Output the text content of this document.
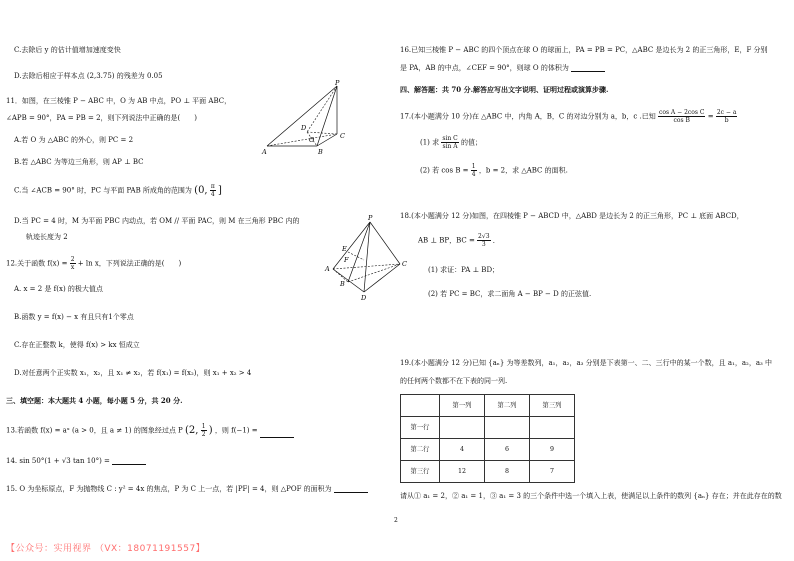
C.去除后 y 的估计值增加速度变快
D.去除后相应于样本点 (2,3.75) 的残差为 0.05
11．如图，在三棱锥 P − ABC 中，O 为 AB 中点，PO ⊥ 平面 ABC，
∠APB = 90°，PA = PB = 2，则下列说法中正确的是(　　)
A.若 O 为 △ABC 的外心，则 PC = 2
B.若 △ABC 为等边三角形，则 AP ⊥ BC
C.当 ∠ACB = 90° 时，PC 与平面 PAB 所成角的范围为 (0, $\frac{\pi}{4}$ ]
D.当 PC = 4 时，M 为平面 PBC 内动点，若 OM // 平面 PAC，则 M 在三角形 PBC 内的
轨迹长度为 2
12.关于函数 $f(x) = \frac{2}{x} + \ln x$，下列说法正确的是(　　)
A. x = 2 是 f(x) 的极大值点
B.函数 y = f(x) − x 有且只有1个零点
C.存在正整数 k，使得 f(x) > kx 恒成立
D.对任意两个正实数 x₁，x₂，且 x₁ ≠ x₂，若 f(x₁) = f(x₂)，则 x₁ + x₂ > 4
三、填空题：本大题共 4 小题，每小题 5 分，共 20 分.
13.若函数 f(x) = aˣ (a > 0，且 a ≠ 1) 的图象经过点 P (2, $\frac{1}{2}$ ) ，则 f(−1) =
14. sin 50°(1 + √3 tan 10°) =
15. O 为坐标原点，F 为抛物线 C : y² = 4x 的焦点，P 为 C 上一点，若 |PF| = 4，则 △POF 的面积为
P
A	B
C
D
O
P
A
B
C
D
E
F
16.已知三棱锥 P − ABC 的四个顶点在球 O 的球面上，PA = PB = PC，△ABC 是边长为 2 的正三角形，E，F 分别
是 PA，AB 的中点，∠CEF = 90°，则球 O 的体积为
四、解答题：共 70 分.解答应写出文字说明、证明过程或演算步骤.
17.(本小题满分 10 分)在 △ABC 中，内角 A，B，C 的对边分别为 a，b，c .已知 $\frac{\text{cos A − 2cos C}}{\text{cos B}} = \frac{2c - a}{b}$
(1) 求 $\frac{\text{sin C}}{\text{sin A}}$ 的值；
(2) 若 $\cos B = \frac{1}{4}$ ，b = 2，求 △ABC 的面积.
18.(本小题满分 12 分)如图，在四棱锥 P − ABCD 中，△ABD 是边长为 2 的正三角形，PC ⊥ 底面 ABCD，
AB ⊥ BP，BC = $\frac{2√3}{3}$ ．
(1) 求证：PA ⊥ BD；
(2) 若 PC = BC，求二面角 A − BP − D 的正弦值.
19.(本小题满分 12 分)已知 {aₙ} 为等差数列，a₁，a₂，a₃ 分别是下表第一、二、三行中的某一个数，且 a₁，a₂，a₃ 中
的任何两个数都不在下表的同一列.
请从① a₁ = 2，② a₁ = 1，③ a₁ = 3 的三个条件中选一个填入上表，使满足以上条件的数列 {aₙ} 存在；并在此存在的数
	第一列	第二列	第三列
第一行			
第二行	4	6	9
第三行	12	8	7
2
【公众号：实用视界 （VX：18071191557】
